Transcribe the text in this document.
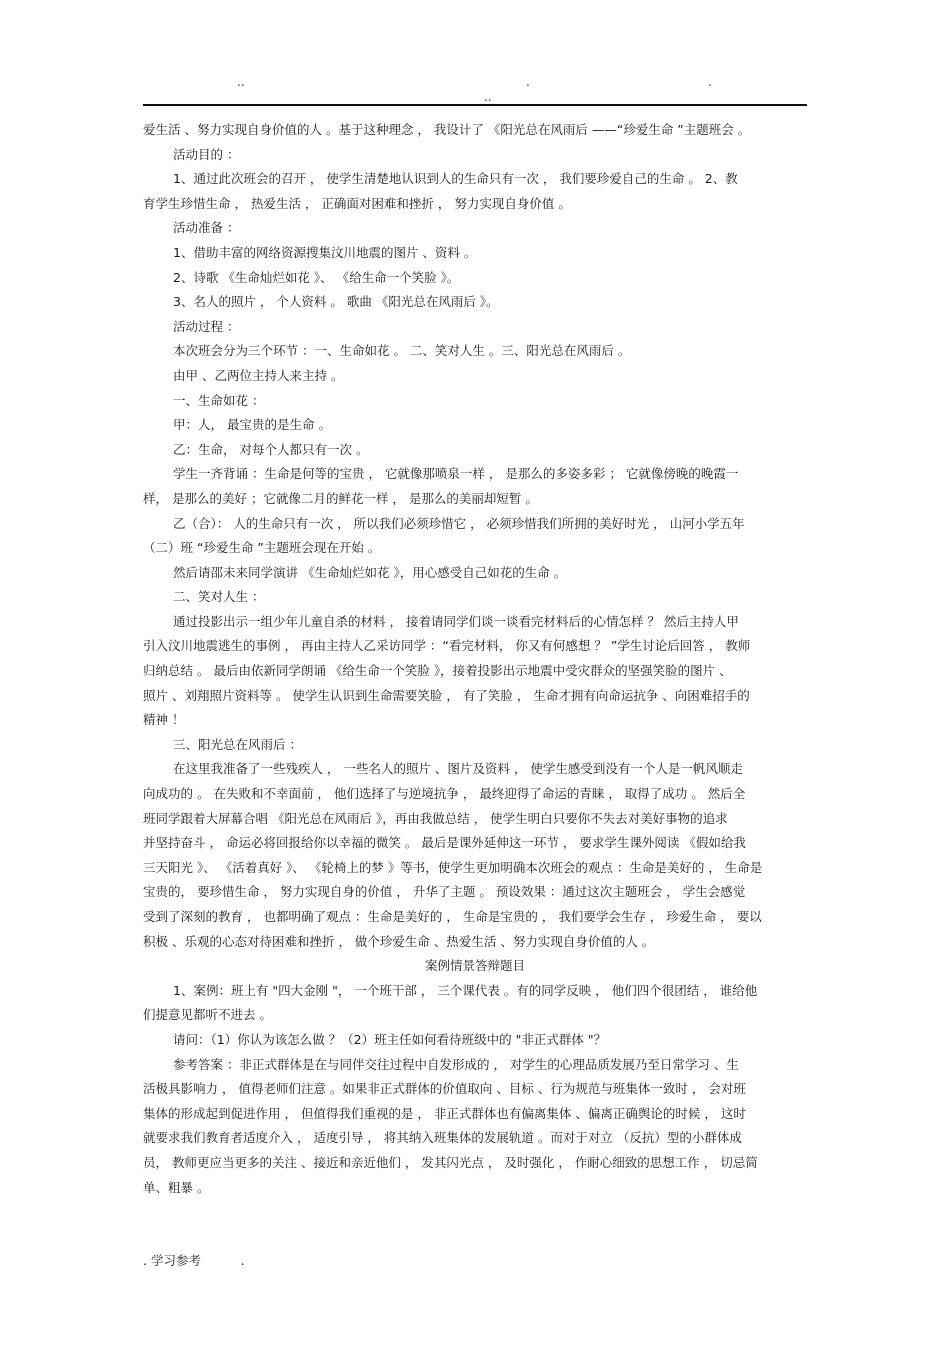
..	.	.
..

爱生活 、努力实现自身价值的人 。基于这种理念 ， 我设计了 《阳光总在风雨后 ——“珍爱生命 ”主题班会 。

活动目的 ：

1、通过此次班会的召开 ， 使学生清楚地认识到人的生命只有一次 ， 我们要珍爱自己的生命 。 2、教

育学生珍惜生命 ， 热爱生活 ， 正确面对困难和挫折 ， 努力实现自身价值 。

活动准备 ：

1、借助丰富的网络资源搜集汶川地震的图片 、资料 。

2、诗歌 《生命灿烂如花 》、 《给生命一个笑脸 》。

3、名人的照片 ， 个人资料 。 歌曲 《阳光总在风雨后 》。

活动过程 ：

本次班会分为三个环节 ：一、生命如花 。 二、笑对人生 。三、阳光总在风雨后 。

由甲 、乙两位主持人来主持 。

一、生命如花 ：

甲：人， 最宝贵的是生命 。

乙：生命， 对每个人都只有一次 。

学生一齐背诵 ：生命是何等的宝贵 ， 它就像那喷泉一样 ， 是那么的多姿多彩 ； 它就像傍晚的晚霞一

样， 是那么的美好 ；它就像二月的鲜花一样 ， 是那么的美丽却短暂 。

乙（合）： 人的生命只有一次 ， 所以我们必须珍惜它 ， 必须珍惜我们所拥的美好时光 ， 山河小学五年

（二）班 “珍爱生命 ”主题班会现在开始 。

然后请邵未来同学演讲 《生命灿烂如花 》，用心感受自己如花的生命 。

二、笑对人生 ：

通过投影出示一组少年儿童自杀的材料 ， 接着请同学们谈一谈看完材料后的心情怎样 ？ 然后主持人甲

引入汶川地震逃生的事例 ， 再由主持人乙采访同学 ：“看完材料， 你又有何感想 ？ ”学生讨论后回答 ， 教师

归纳总结 。 最后由依新同学朗诵 《给生命一个笑脸 》，接着投影出示地震中受灾群众的坚强笑脸的图片 、

照片 、刘翔照片资料等 。 使学生认识到生命需要笑脸 ， 有了笑脸 ， 生命才拥有向命运抗争 、向困难招手的

精神 ！

三、阳光总在风雨后 ：

在这里我准备了一些残疾人 ， 一些名人的照片 、图片及资料 ， 使学生感受到没有一个人是一帆风顺走

向成功的 。 在失败和不幸面前 ， 他们选择了与逆境抗争 ， 最终迎得了命运的青睐 ， 取得了成功 。 然后全

班同学跟着大屏幕合唱 《阳光总在风雨后 》，再由我做总结 ， 使学生明白只要你不失去对美好事物的追求

并坚持奋斗 ， 命运必将回报给你以幸福的微笑 。 最后是课外延伸这一环节 ， 要求学生课外阅读 《假如给我

三天阳光 》、 《活着真好 》、 《轮椅上的梦 》等书，使学生更加明确本次班会的观点 ：生命是美好的 ， 生命是

宝贵的， 要珍惜生命 ， 努力实现自身的价值 ， 升华了主题 。 预设效果 ：通过这次主题班会 ， 学生会感觉

受到了深刻的教育 ， 也都明确了观点 ：生命是美好的 ， 生命是宝贵的 ， 我们要学会生存 ， 珍爱生命 ， 要以

积极 、乐观的心态对待困难和挫折 ， 做个珍爱生命 、热爱生活 、努力实现自身价值的人 。

案例情景答辩题目

1、案例：班上有 "四大金刚 "， 一个班干部 ， 三个课代表 。有的同学反映 ， 他们四个很团结 ， 谁给他

们提意见都听不进去 。

请问：（1）你认为该怎么做 ？（2）班主任如何看待班级中的 "非正式群体 "？

参考答案 ：非正式群体是在与同伴交往过程中自发形成的 ， 对学生的心理品质发展乃至日常学习 、生

活极具影响力 ， 值得老师们注意 。如果非正式群体的价值取向 、目标 、行为规范与班集体一致时 ， 会对班

集体的形成起到促进作用 ， 但值得我们重视的是 ， 非正式群体也有偏离集体 、偏离正确舆论的时候 ， 这时

就要求我们教育者适度介入 ， 适度引导 ， 将其纳入班集体的发展轨道 。而对于对立 （反抗）型的小群体成

员， 教师更应当更多的关注 、接近和亲近他们 ， 发其闪光点 ， 及时强化 ， 作耐心细致的思想工作 ， 切忌简

单、粗暴 。

. 学习参考          .
